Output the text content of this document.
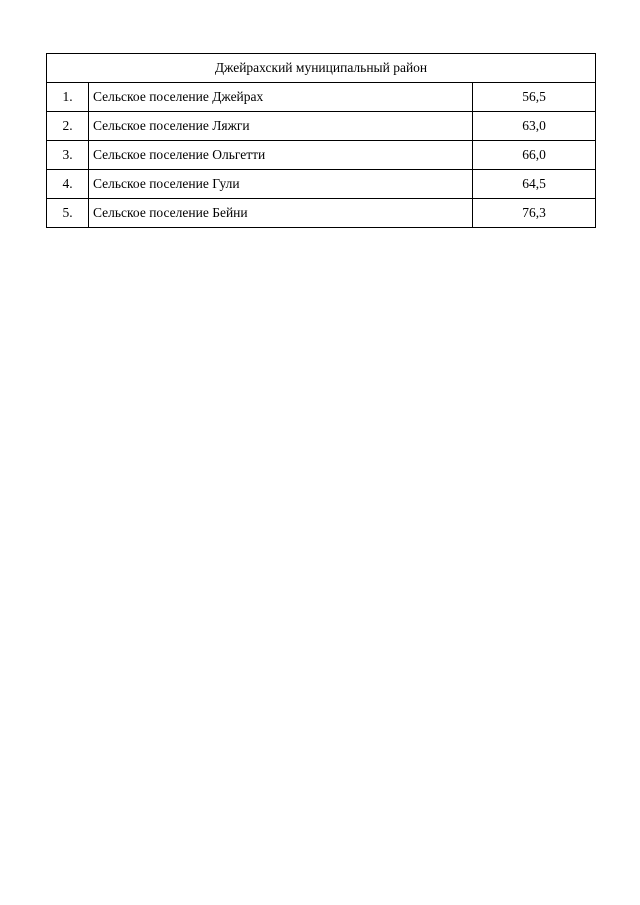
Джейрахский муниципальный район		
1.	Сельское поселение Джейрах	56,5
2.	Сельское поселение Ляжги	63,0
3.	Сельское поселение Ольгетти	66,0
4.	Сельское поселение Гули	64,5
5.	Сельское поселение Бейни	76,3
